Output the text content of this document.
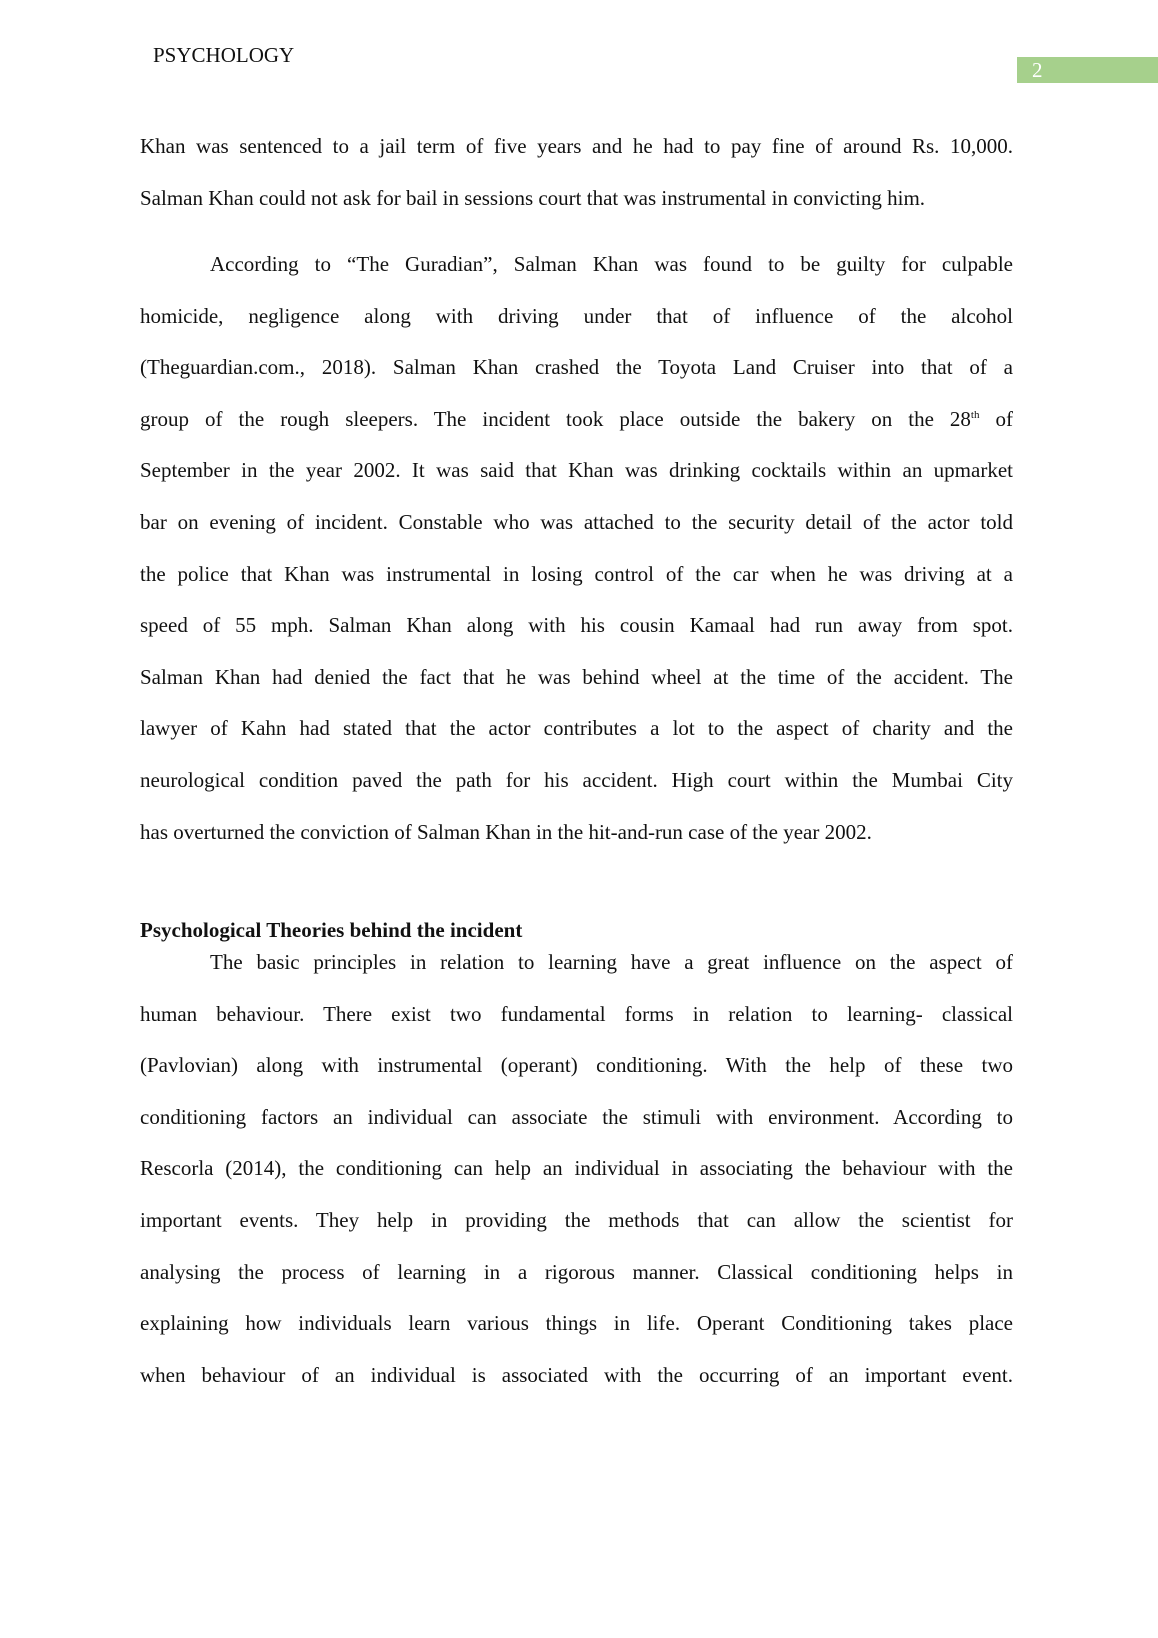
PSYCHOLOGY
2
Khan was sentenced to a jail term of five years and he had to pay fine of around Rs. 10,000.
Salman Khan could not ask for bail in sessions court that was instrumental in convicting him.
According to “The Guradian”, Salman Khan was found to be guilty for culpable
homicide, negligence along with driving under that of influence of the alcohol
(Theguardian.com., 2018). Salman Khan crashed the Toyota Land Cruiser into that of a
group of the rough sleepers. The incident took place outside the bakery on the 28th of
September in the year 2002. It was said that Khan was drinking cocktails within an upmarket
bar on evening of incident. Constable who was attached to the security detail of the actor told
the police that Khan was instrumental in losing control of the car when he was driving at a
speed of 55 mph. Salman Khan along with his cousin Kamaal had run away from spot.
Salman Khan had denied the fact that he was behind wheel at the time of the accident. The
lawyer of Kahn had stated that the actor contributes a lot to the aspect of charity and the
neurological condition paved the path for his accident. High court within the Mumbai City
has overturned the conviction of Salman Khan in the hit-and-run case of the year 2002.
Psychological Theories behind the incident
The basic principles in relation to learning have a great influence on the aspect of
human behaviour. There exist two fundamental forms in relation to learning- classical
(Pavlovian) along with instrumental (operant) conditioning. With the help of these two
conditioning factors an individual can associate the stimuli with environment. According to
Rescorla (2014), the conditioning can help an individual in associating the behaviour with the
important events. They help in providing the methods that can allow the scientist for
analysing the process of learning in a rigorous manner. Classical conditioning helps in
explaining how individuals learn various things in life. Operant Conditioning takes place
when behaviour of an individual is associated with the occurring of an important event.
